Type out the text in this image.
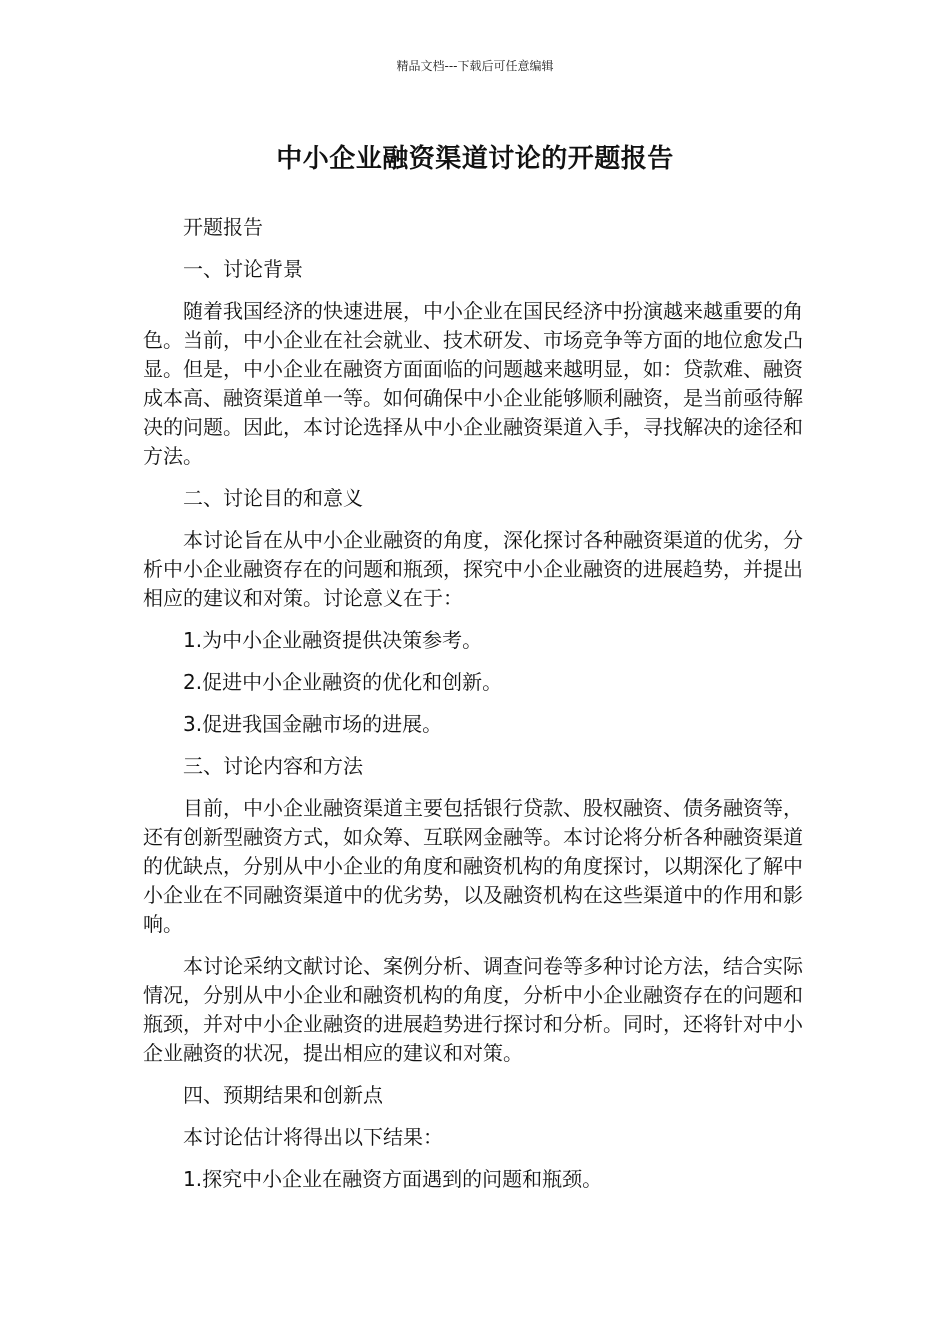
精品文档---下载后可任意编辑
中小企业融资渠道讨论的开题报告

开题报告

一、讨论背景

随着我国经济的快速进展，中小企业在国民经济中扮演越来越重要的角色。当前，中小企业在社会就业、技术研发、市场竞争等方面的地位愈发凸显。但是，中小企业在融资方面面临的问题越来越明显，如：贷款难、融资成本高、融资渠道单一等。如何确保中小企业能够顺利融资，是当前亟待解决的问题。因此，本讨论选择从中小企业融资渠道入手，寻找解决的途径和方法。

二、讨论目的和意义

本讨论旨在从中小企业融资的角度，深化探讨各种融资渠道的优劣，分析中小企业融资存在的问题和瓶颈，探究中小企业融资的进展趋势，并提出相应的建议和对策。讨论意义在于：

1.为中小企业融资提供决策参考。

2.促进中小企业融资的优化和创新。

3.促进我国金融市场的进展。

三、讨论内容和方法

目前，中小企业融资渠道主要包括银行贷款、股权融资、债务融资等，还有创新型融资方式，如众筹、互联网金融等。本讨论将分析各种融资渠道的优缺点，分别从中小企业的角度和融资机构的角度探讨，以期深化了解中小企业在不同融资渠道中的优劣势，以及融资机构在这些渠道中的作用和影响。

本讨论采纳文献讨论、案例分析、调查问卷等多种讨论方法，结合实际情况，分别从中小企业和融资机构的角度，分析中小企业融资存在的问题和瓶颈，并对中小企业融资的进展趋势进行探讨和分析。同时，还将针对中小企业融资的状况，提出相应的建议和对策。

四、预期结果和创新点

本讨论估计将得出以下结果：

1.探究中小企业在融资方面遇到的问题和瓶颈。
